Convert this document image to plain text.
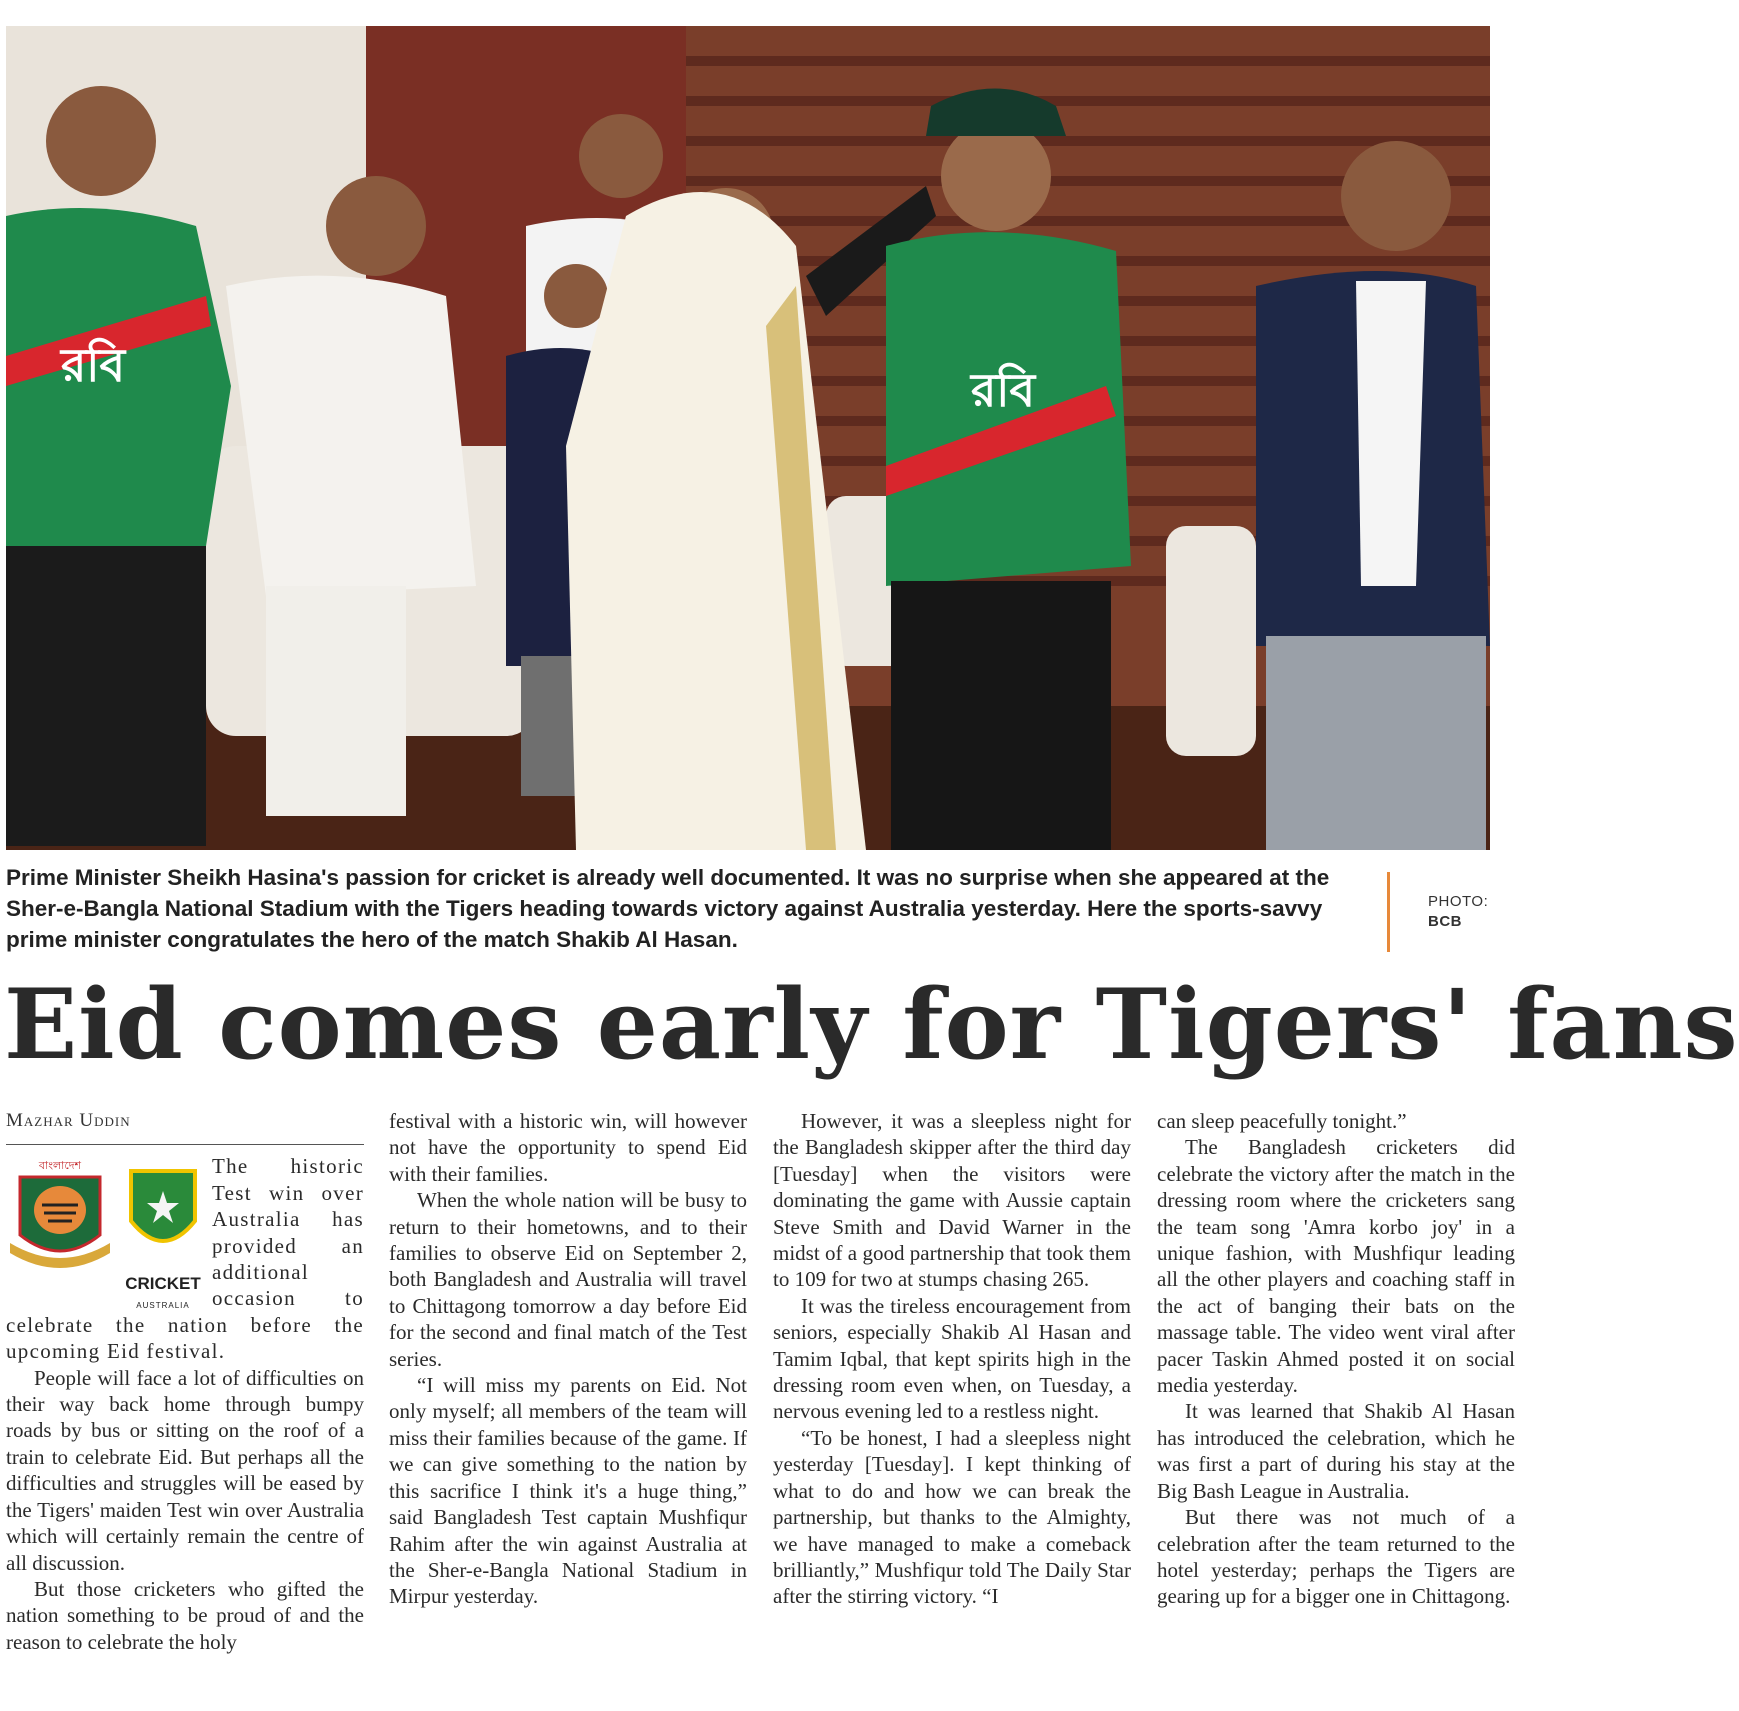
রবি	রবি
Prime Minister Sheikh Hasina's passion for cricket is already well documented. It was no surprise when she appeared at the Sher-e-Bangla National Stadium with the Tigers heading towards victory against Australia yesterday. Here the sports-savvy prime minister congratulates the hero of the match Shakib Al Hasan.
PHOTO:
BCB
Eid comes early for Tigers' fans
Mazhar Uddin
বাংলাদেশ
CRICKET
AUSTRALIA

The historic Test win over Australia has provided an additional occasion to celebrate the nation before the upcoming Eid festival.

People will face a lot of difficulties on their way back home through bumpy roads by bus or sitting on the roof of a train to celebrate Eid. But perhaps all the difficulties and struggles will be eased by the Tigers' maiden Test win over Australia which will certainly remain the centre of all discussion.

But those cricketers who gifted the nation something to be proud of and the reason to celebrate the holy

festival with a historic win, will however not have the opportunity to spend Eid with their families.

When the whole nation will be busy to return to their hometowns, and to their families to observe Eid on September 2, both Bangladesh and Australia will travel to Chittagong tomorrow a day before Eid for the second and final match of the Test series.

“I will miss my parents on Eid. Not only myself; all members of the team will miss their families because of the game. If we can give something to the nation by this sacrifice I think it's a huge thing,” said Bangladesh Test captain Mushfiqur Rahim after the win against Australia at the Sher-e-Bangla National Stadium in Mirpur yesterday.

However, it was a sleepless night for the Bangladesh skipper after the third day [Tuesday] when the visitors were dominating the game with Aussie captain Steve Smith and David Warner in the midst of a good partnership that took them to 109 for two at stumps chasing 265.

It was the tireless encouragement from seniors, especially Shakib Al Hasan and Tamim Iqbal, that kept spirits high in the dressing room even when, on Tuesday, a nervous evening led to a restless night.

“To be honest, I had a sleepless night yesterday [Tuesday]. I kept thinking of what to do and how we can break the partnership, but thanks to the Almighty, we have managed to make a comeback brilliantly,” Mushfiqur told The Daily Star after the stirring victory. “I

can sleep peacefully tonight.”

The Bangladesh cricketers did celebrate the victory after the match in the dressing room where the cricketers sang the team song 'Amra korbo joy' in a unique fashion, with Mushfiqur leading all the other players and coaching staff in the act of banging their bats on the massage table. The video went viral after pacer Taskin Ahmed posted it on social media yesterday.

It was learned that Shakib Al Hasan has introduced the celebration, which he was first a part of during his stay at the Big Bash League in Australia.

But there was not much of a celebration after the team returned to the hotel yesterday; perhaps the Tigers are gearing up for a bigger one in Chittagong.
